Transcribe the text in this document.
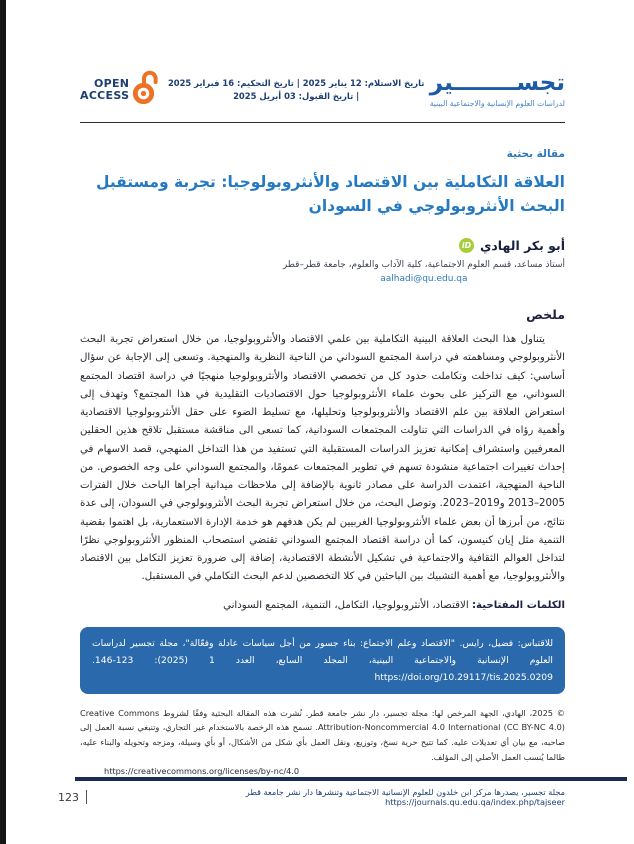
تجســــــــير
لدراسات العلوم الإنسانية والاجتماعية البينية
تاريخ الاستلام: 12 يناير 2025 | تاريخ التحكيم: 16 فبراير 2025 | تاريخ القبول: 03 أبريل 2025
OPEN
ACCESS
مقالة بحثية
العلاقة التكاملية بين الاقتصاد والأنثروبولوجيا: تجربة ومستقبل البحث الأنثروبولوجي في السودان
أبو بكر الهادي
iD
أستاذ مساعد، قسم العلوم الاجتماعية، كلية الآداب والعلوم، جامعة قطر–قطر
aalhadi@qu.edu.qa
ملخص

يتناول هذا البحث العلاقة البينية التكاملية بين علمي الاقتصاد والأنثروبولوجيا، من خلال استعراض تجربة البحث الأنثروبولوجي ومساهمته في دراسة المجتمع السوداني من الناحية النظرية والمنهجية. وتسعى إلى الإجابة عن سؤال أساسي: كيف تداخلت وتكاملت حدود كل من تخصصي الاقتصاد والأنثروبولوجيا منهجيًا في دراسة اقتصاد المجتمع السوداني، مع التركيز على بحوث علماء الأنثروبولوجيا حول الاقتصاديات التقليدية في هذا المجتمع؟ وتهدف إلى استعراض العلاقة بين علم الاقتصاد والأنثروبولوجيا وتحليلها، مع تسليط الضوء على حقل الأنثروبولوجيا الاقتصادية وأهمية رؤاه في الدراسات التي تناولت المجتمعات السودانية، كما تسعى الى مناقشة مستقبل تلاقح هذين الحقلين المعرفيين واستشراف إمكانية تعزيز الدراسات المستقبلية التي تستفيد من هذا التداخل المنهجي، قصد الاسهام في إحداث تغييرات اجتماعية منشودة تسهم في تطوير المجتمعات عمومًا، والمجتمع السوداني على وجه الخصوص. من الناحية المنهجية، اعتمدت الدراسة على مصادر ثانوية بالإضافة إلى ملاحظات ميدانية أجراها الباحث خلال الفترات 2005–2013 و2019–2023. وتوصل البحث، من خلال استعراض تجربة البحث الأنثروبولوجي في السودان، إلى عدة نتائج، من أبرزها أن بعض علماء الأنثروبولوجيا الغربيين لم يكن هدفهم هو خدمة الإدارة الاستعمارية، بل اهتموا بقضية التنمية مثل إيان كنيسون، كما أن دراسة اقتصاد المجتمع السوداني تقتضي استصحاب المنظور الأنثروبولوجي نظرًا لتداخل العوالم الثقافية والاجتماعية في تشكيل الأنشطة الاقتصادية، إضافة إلى ضرورة تعزيز التكامل بين الاقتصاد والأنثروبولوجيا، مع أهمية التشبيك بين الباحثين في كلا التخصصين لدعم البحث التكاملي في المستقبل.

الكلمات المفتاحية: الاقتصاد، الأنثروبولوجيا، التكامل، التنمية، المجتمع السوداني

للاقتباس: فضيل، رايس. "الاقتصاد وعلم الاجتماع: بناء جسور من أجل سياسات عادلة وفعّالة"، مجلة تجسير لدراسات العلوم الإنسانية والاجتماعية البينية، المجلد السابع، العدد 1 (2025): 123-146. https://doi.org/10.29117/tis.2025.0209

© 2025، الهادي، الجهة المرخص لها: مجلة تجسير، دار نشر جامعة قطر. نُشرت هذه المقالة البحثية وفقًا لشروط Creative Commons Attribution-Noncommercial 4.0 International (CC BY-NC 4.0). تسمح هذه الرخصة بالاستخدام غير التجاري، وتنبغي نسبة العمل إلى صاحبه، مع بيان أي تعديلات عليه. كما تتيح حرية نسخ، وتوزيع، ونقل العمل بأي شكل من الأشكال، أو بأي وسيلة، ومزجه وتحويله والبناء عليه، طالما يُنسب العمل الأصلي إلى المؤلف.

https://creativecommons.org/licenses/by-nc/4.0
123	مجلة تجسير، يصدرها مركز ابن خلدون للعلوم الإنسانية الاجتماعية وتنشرها دار نشر جامعة قطر https://journals.qu.edu.qa/index.php/tajseer
